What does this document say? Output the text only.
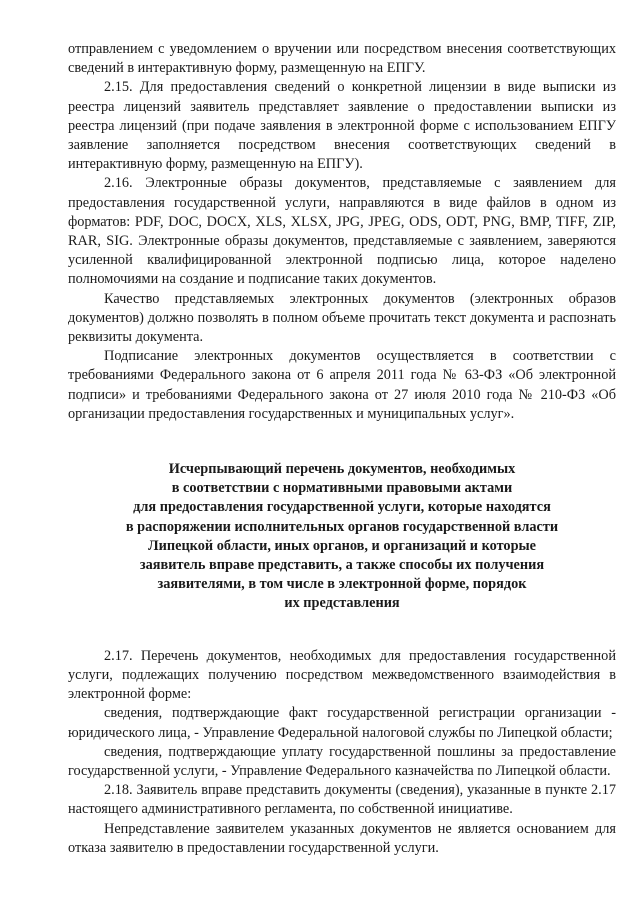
отправлением с уведомлением о вручении или посредством внесения соответствующих сведений в интерактивную форму, размещенную на ЕПГУ.

2.15. Для предоставления сведений о конкретной лицензии в виде выписки из реестра лицензий заявитель представляет заявление о предоставлении выписки из реестра лицензий (при подаче заявления в электронной форме с использованием ЕПГУ заявление заполняется посредством внесения соответствующих сведений в интерактивную форму, размещенную на ЕПГУ).

2.16. Электронные образы документов, представляемые с заявлением для предоставления государственной услуги, направляются в виде файлов в одном из форматов: PDF, DOC, DOCX, XLS, XLSX, JPG, JPEG, ODS, ODT, PNG, BMP, TIFF, ZIP, RAR, SIG. Электронные образы документов, представляемые с заявлением, заверяются усиленной квалифицированной электронной подписью лица, которое наделено полномочиями на создание и подписание таких документов.

Качество представляемых электронных документов (электронных образов документов) должно позволять в полном объеме прочитать текст документа и распознать реквизиты документа.

Подписание электронных документов осуществляется в соответствии с требованиями Федерального закона от 6 апреля 2011 года № 63-ФЗ «Об электронной подписи» и требованиями Федерального закона от 27 июля 2010 года № 210-ФЗ «Об организации предоставления государственных и муниципальных услуг».

Исчерпывающий перечень документов, необходимых
в соответствии с нормативными правовыми актами
для предоставления государственной услуги, которые находятся
в распоряжении исполнительных органов государственной власти
Липецкой области, иных органов, и организаций и которые
заявитель вправе представить, а также способы их получения
заявителями, в том числе в электронной форме, порядок
их представления

2.17. Перечень документов, необходимых для предоставления государственной услуги, подлежащих получению посредством межведомственного взаимодействия в электронной форме:

сведения, подтверждающие факт государственной регистрации организации - юридического лица, - Управление Федеральной налоговой службы по Липецкой области;

сведения, подтверждающие уплату государственной пошлины за предоставление государственной услуги, - Управление Федерального казначейства по Липецкой области.

2.18. Заявитель вправе представить документы (сведения), указанные в пункте 2.17 настоящего административного регламента, по собственной инициативе.

Непредставление заявителем указанных документов не является основанием для отказа заявителю в предоставлении государственной услуги.
